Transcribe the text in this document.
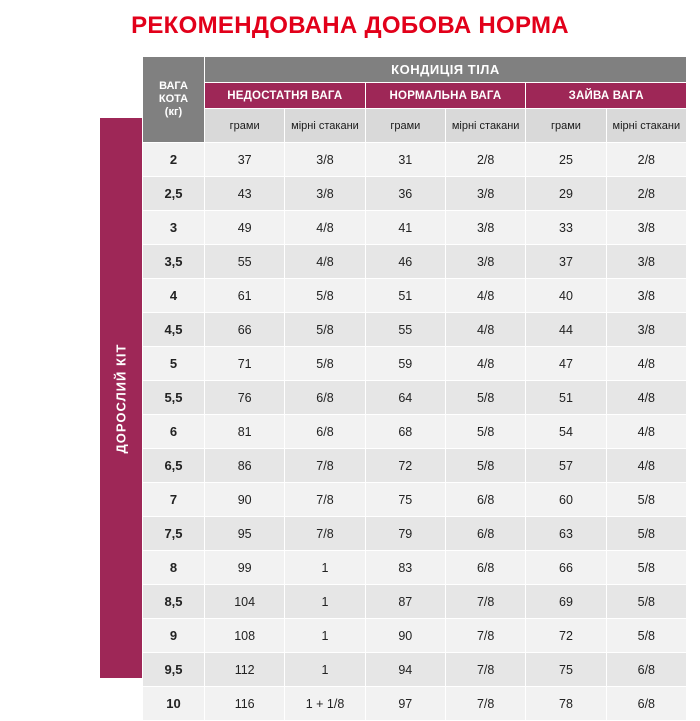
РЕКОМЕНДОВАНА ДОБОВА НОРМА
ДОРОСЛИЙ КІТ
ВАГА
КОТА
(кг)	КОНДИЦІЯ ТІЛА					
	НЕДОСТАТНЯ ВАГА		НОРМАЛЬНА ВАГА		ЗАЙВА ВАГА	
	грами	мірні стакани	грами	мірні стакани	грами	мірні стакани
2	37	3/8	31	2/8	25	2/8
2,5	43	3/8	36	3/8	29	2/8
3	49	4/8	41	3/8	33	3/8
3,5	55	4/8	46	3/8	37	3/8
4	61	5/8	51	4/8	40	3/8
4,5	66	5/8	55	4/8	44	3/8
5	71	5/8	59	4/8	47	4/8
5,5	76	6/8	64	5/8	51	4/8
6	81	6/8	68	5/8	54	4/8
6,5	86	7/8	72	5/8	57	4/8
7	90	7/8	75	6/8	60	5/8
7,5	95	7/8	79	6/8	63	5/8
8	99	1	83	6/8	66	5/8
8,5	104	1	87	7/8	69	5/8
9	108	1	90	7/8	72	5/8
9,5	112	1	94	7/8	75	6/8
10	116	1 + 1/8	97	7/8	78	6/8
